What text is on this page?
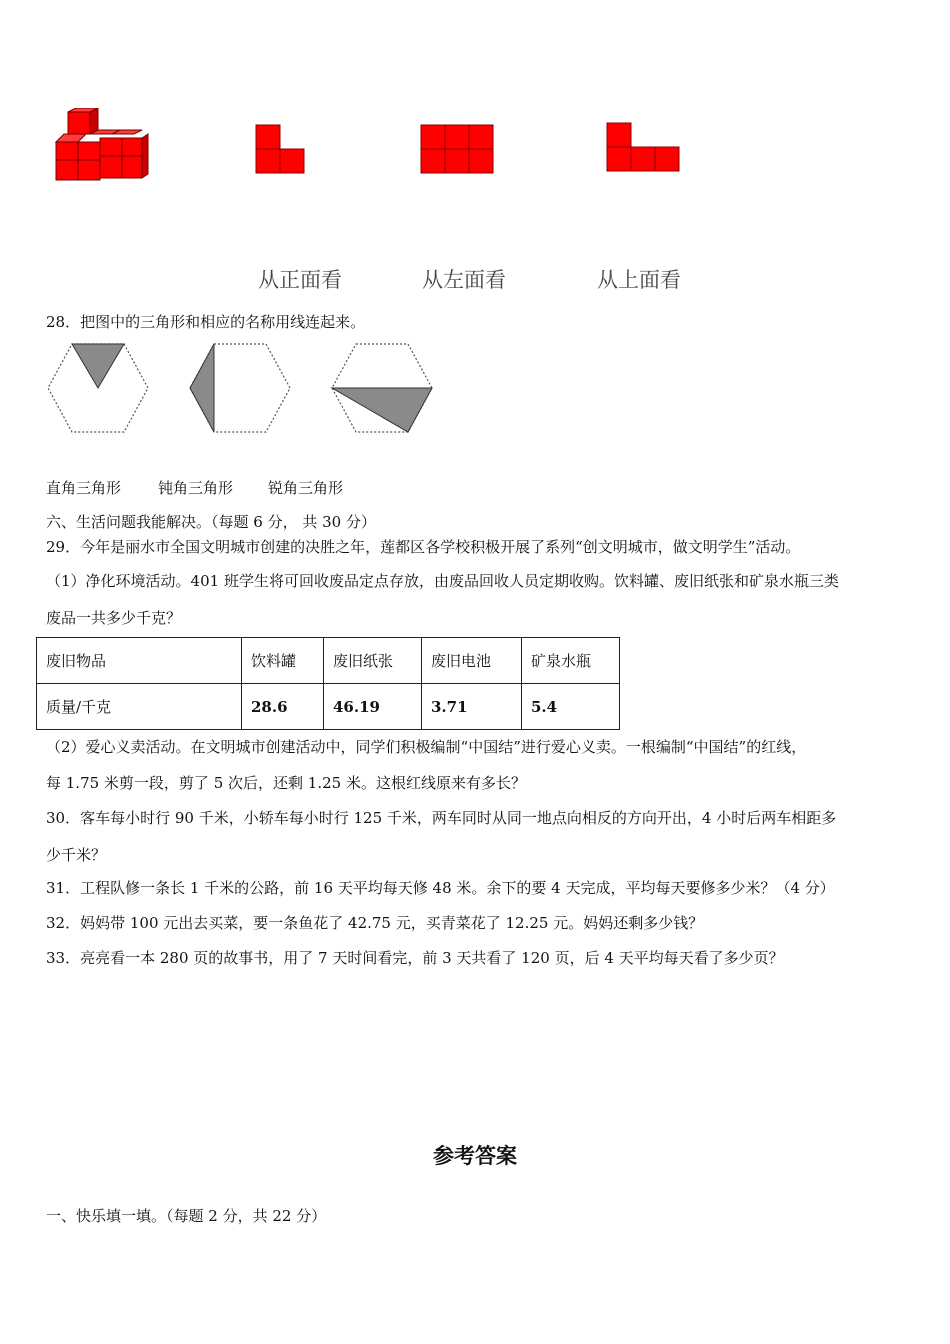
从正面看	从左面看	从上面看
28．把图中的三角形和相应的名称用线连起来。
直角三角形 钝角三角形 锐角三角形
六、生活问题我能解决。（每题 6 分， 共 30 分）
29．今年是丽水市全国文明城市创建的决胜之年，莲都区各学校积极开展了系列“创文明城市，做文明学生”活动。
（1）净化环境活动。401 班学生将可回收废品定点存放，由废品回收人员定期收购。饮料罐、废旧纸张和矿泉水瓶三类
废品一共多少千克？
废旧物品	饮料罐	废旧纸张	废旧电池	矿泉水瓶
质量/千克	28.6	46.19	3.71	5.4
（2）爱心义卖活动。在文明城市创建活动中，同学们积极编制“中国结”进行爱心义卖。一根编制“中国结”的红线，
每 1.75 米剪一段，剪了 5 次后，还剩 1.25 米。这根红线原来有多长？
30．客车每小时行 90 千米，小轿车每小时行 125 千米，两车同时从同一地点向相反的方向开出，4 小时后两车相距多
少千米？
31．工程队修一条长 1 千米的公路，前 16 天平均每天修 48 米。余下的要 4 天完成，平均每天要修多少米？（4 分）
32．妈妈带 100 元出去买菜，要一条鱼花了 42.75 元，买青菜花了 12.25 元。妈妈还剩多少钱？
33．亮亮看一本 280 页的故事书，用了 7 天时间看完，前 3 天共看了 120 页，后 4 天平均每天看了多少页？
参考答案
一、快乐填一填。（每题 2 分，共 22 分）
